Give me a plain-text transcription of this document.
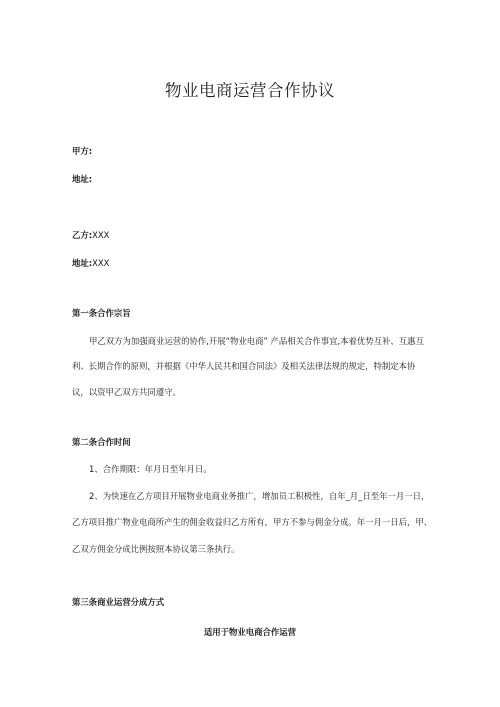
物业电商运营合作协议
甲方:
地址:
乙方:XXX
地址:XXX
第一条合作宗旨
甲乙双方为加强商业运营的协作,开展“物业电商” 产品相关合作事宜,本着优势互补、互惠互
利、长期合作的原则，并根据《中华人民共和国合同法》及相关法律法规的规定，特制定本协
议，以资甲乙双方共同遵守。
第二条合作时间
1、合作期限：年月日至年月日。
2、为快速在乙方项目开展物业电商业务推广，增加员工积极性，自年_月_日至年一月一日，
乙方项目推广物业电商所产生的佣金收益归乙方所有，甲方不参与佣金分成。年一月一日后，甲、
乙双方佣金分成比例按照本协议第三条执行。
第三条商业运营分成方式
适用于物业电商合作运营
